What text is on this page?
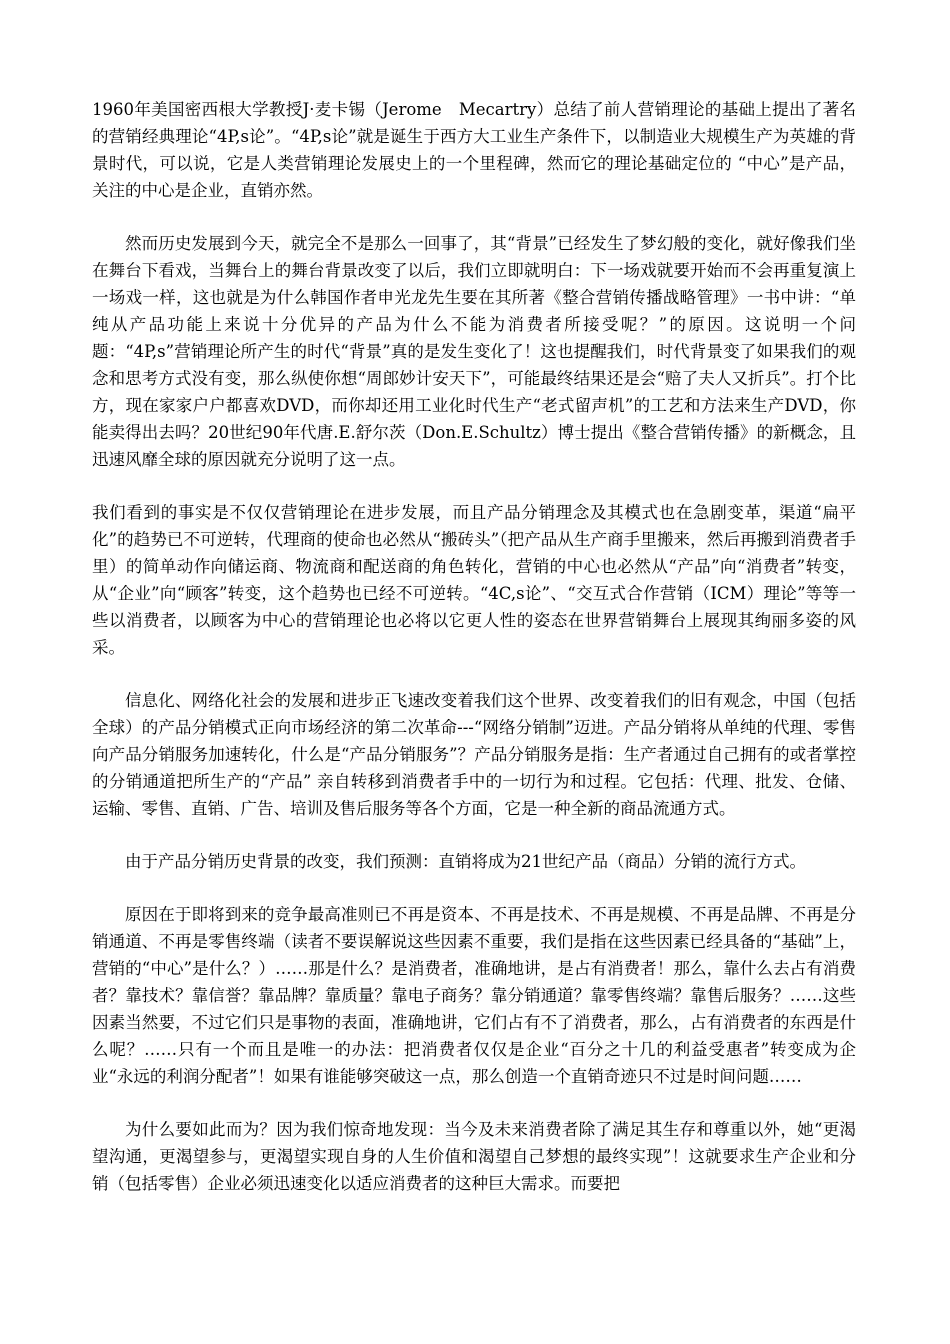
1960年美国密西根大学教授J·麦卡锡（Jerome　Mecartry）总结了前人营销理论的基础上提出了著名的营销经典理论“4P,s论”。“4P,s论”就是诞生于西方大工业生产条件下，以制造业大规模生产为英雄的背景时代，可以说，它是人类营销理论发展史上的一个里程碑，然而它的理论基础定位的 “中心”是产品，关注的中心是企业，直销亦然。

然而历史发展到今天，就完全不是那么一回事了，其“背景”已经发生了梦幻般的变化，就好像我们坐在舞台下看戏，当舞台上的舞台背景改变了以后，我们立即就明白：下一场戏就要开始而不会再重复演上一场戏一样，这也就是为什么韩国作者申光龙先生要在其所著《整合营销传播战略管理》一书中讲：“单纯从产品功能上来说十分优异的产品为什么不能为消费者所接受呢？”的原因。这说明一个问题：“4P,s”营销理论所产生的时代“背景”真的是发生变化了！这也提醒我们，时代背景变了如果我们的观念和思考方式没有变，那么纵使你想“周郎妙计安天下”，可能最终结果还是会“赔了夫人又折兵”。打个比方，现在家家户户都喜欢DVD，而你却还用工业化时代生产“老式留声机”的工艺和方法来生产DVD，你能卖得出去吗？20世纪90年代唐.E.舒尔茨（Don.E.Schultz）博士提出《整合营销传播》的新概念，且迅速风靡全球的原因就充分说明了这一点。

我们看到的事实是不仅仅营销理论在进步发展，而且产品分销理念及其模式也在急剧变革，渠道“扁平化”的趋势已不可逆转，代理商的使命也必然从“搬砖头”（把产品从生产商手里搬来，然后再搬到消费者手里）的简单动作向储运商、物流商和配送商的角色转化，营销的中心也必然从“产品”向“消费者”转变，从“企业”向“顾客”转变，这个趋势也已经不可逆转。“4C,s论”、“交互式合作营销（ICM）理论”等等一些以消费者，以顾客为中心的营销理论也必将以它更人性的姿态在世界营销舞台上展现其绚丽多姿的风采。

信息化、网络化社会的发展和进步正飞速改变着我们这个世界、改变着我们的旧有观念，中国（包括全球）的产品分销模式正向市场经济的第二次革命---“网络分销制”迈进。产品分销将从单纯的代理、零售向产品分销服务加速转化，什么是“产品分销服务”？产品分销服务是指：生产者通过自己拥有的或者掌控的分销通道把所生产的“产品” 亲自转移到消费者手中的一切行为和过程。它包括：代理、批发、仓储、运输、零售、直销、广告、培训及售后服务等各个方面，它是一种全新的商品流通方式。

由于产品分销历史背景的改变，我们预测：直销将成为21世纪产品（商品）分销的流行方式。

原因在于即将到来的竞争最高准则已不再是资本、不再是技术、不再是规模、不再是品牌、不再是分销通道、不再是零售终端（读者不要误解说这些因素不重要，我们是指在这些因素已经具备的“基础”上，营销的“中心”是什么？）……那是什么？是消费者，准确地讲，是占有消费者！那么，靠什么去占有消费者？靠技术？靠信誉？靠品牌？靠质量？靠电子商务？靠分销通道？靠零售终端？靠售后服务？……这些因素当然要，不过它们只是事物的表面，准确地讲，它们占有不了消费者，那么，占有消费者的东西是什么呢？……只有一个而且是唯一的办法：把消费者仅仅是企业“百分之十几的利益受惠者”转变成为企业“永远的利润分配者”！如果有谁能够突破这一点，那么创造一个直销奇迹只不过是时间问题……

为什么要如此而为？因为我们惊奇地发现：当今及未来消费者除了满足其生存和尊重以外，她“更渴望沟通，更渴望参与，更渴望实现自身的人生价值和渴望自己梦想的最终实现”！这就要求生产企业和分销（包括零售）企业必须迅速变化以适应消费者的这种巨大需求。而要把
